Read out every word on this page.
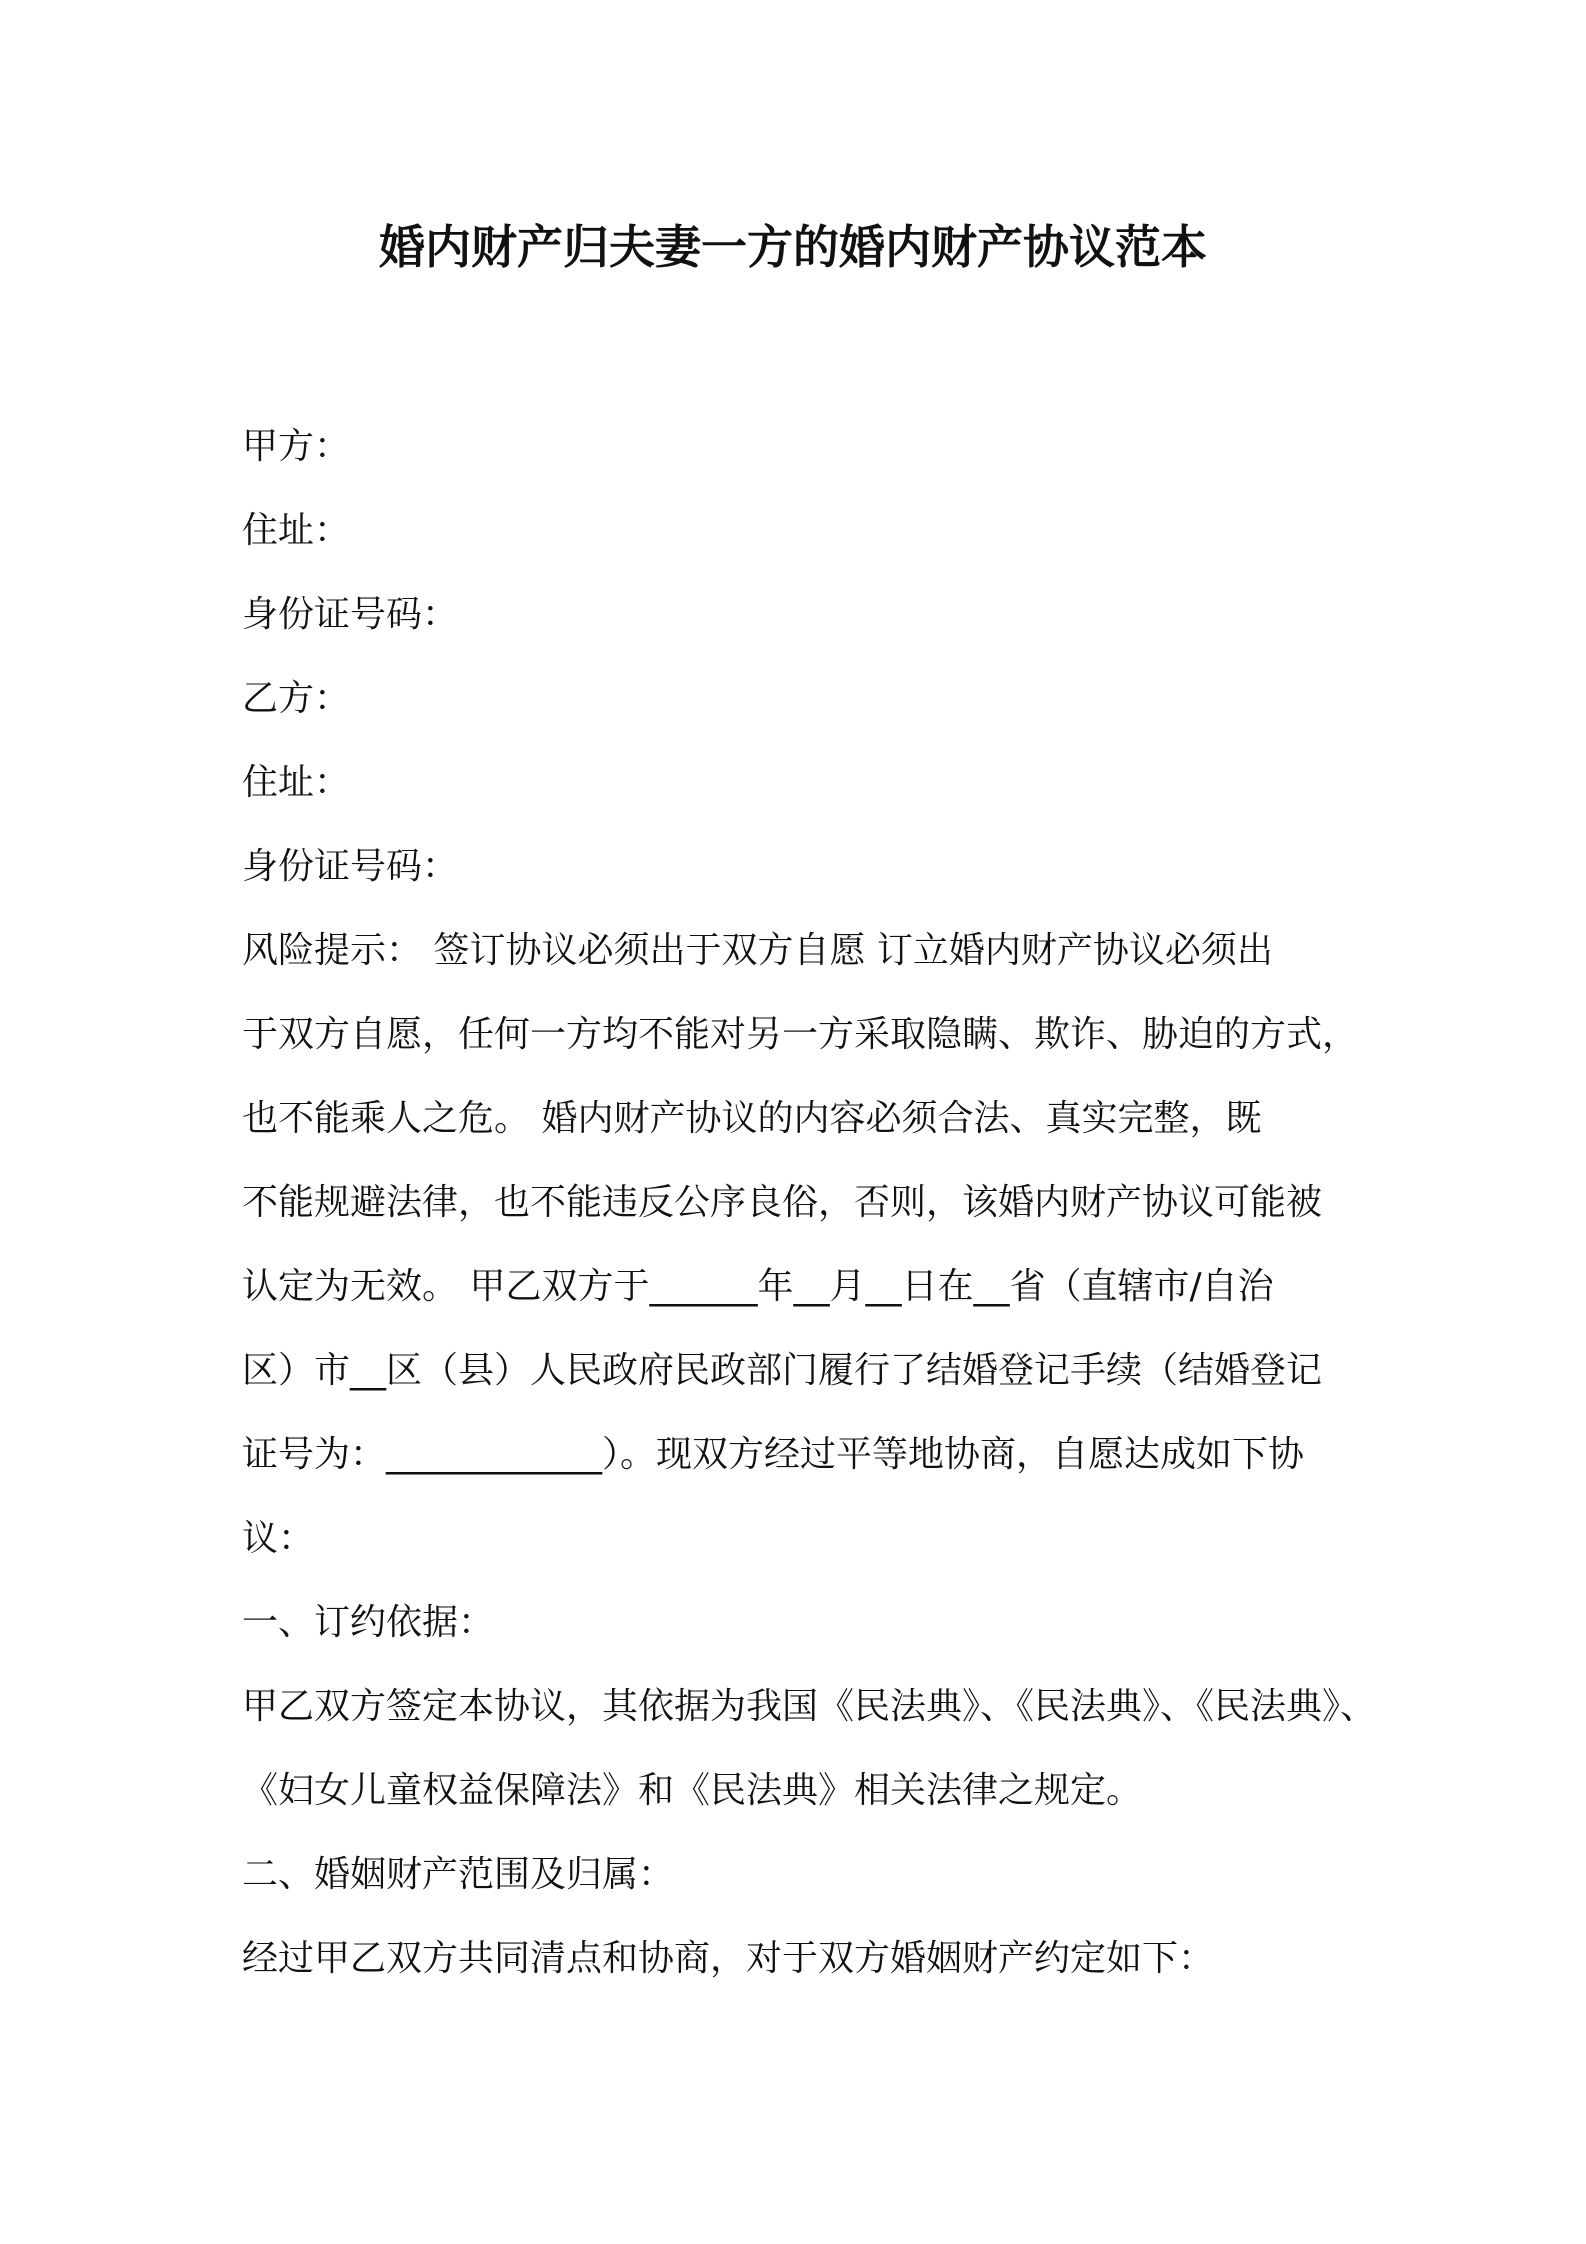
婚内财产归夫妻一方的婚内财产协议范本
甲方：
住址：
身份证号码：
乙方：
住址：
身份证号码：
风险提示： 签订协议必须出于双方自愿 订立婚内财产协议必须出
于双方自愿，任何一方均不能对另一方采取隐瞒、欺诈、胁迫的方式，
也不能乘人之危。 婚内财产协议的内容必须合法、真实完整，既
不能规避法律，也不能违反公序良俗，否则，该婚内财产协议可能被
认定为无效。 甲乙双方于______年__月__日在__省（直辖市/自治
区）市__区（县）人民政府民政部门履行了结婚登记手续（结婚登记
证号为：____________）。现双方经过平等地协商，自愿达成如下协
议：
一、订约依据：
甲乙双方签定本协议，其依据为我国《民法典》、《民法典》、《民法典》、
《妇女儿童权益保障法》和《民法典》相关法律之规定。
二、婚姻财产范围及归属：
经过甲乙双方共同清点和协商，对于双方婚姻财产约定如下：
